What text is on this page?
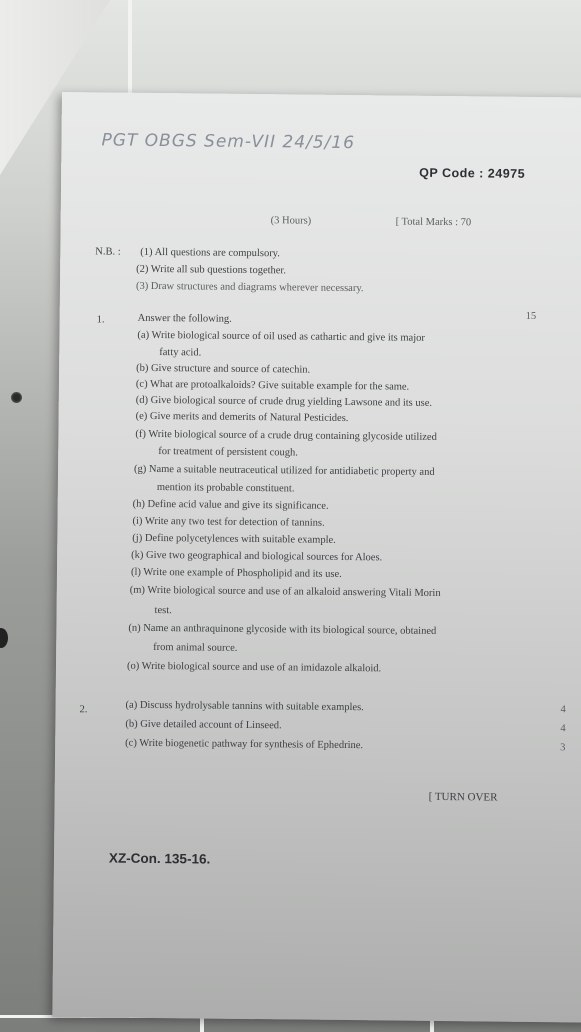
PGT OBGS Sem-VII 24/5/16
QP Code : 24975
(3 Hours)	[ Total Marks : 70
N.B. : (1) All questions are compulsory.
(2) Write all sub questions together.
(3) Draw structures and diagrams wherever necessary.
1.	Answer the following.	15
(a) Write biological source of oil used as cathartic and give its major
fatty acid.
(b) Give structure and source of catechin.
(c) What are protoalkaloids? Give suitable example for the same.
(d) Give biological source of crude drug yielding Lawsone and its use.
(e) Give merits and demerits of Natural Pesticides.
(f) Write biological source of a crude drug containing glycoside utilized
for treatment of persistent cough.
(g) Name a suitable neutraceutical utilized for antidiabetic property and
mention its probable constituent.
(h) Define acid value and give its significance.
(i) Write any two test for detection of tannins.
(j) Define polycetylences with suitable example.
(k) Give two geographical and biological sources for Aloes.
(l) Write one example of Phospholipid and its use.
(m) Write biological source and use of an alkaloid answering Vitali Morin
test.
(n) Name an anthraquinone glycoside with its biological source, obtained
from animal source.
(o) Write biological source and use of an imidazole alkaloid.
2.	(a) Discuss hydrolysable tannins with suitable examples.	4
(b) Give detailed account of Linseed.	4
(c) Write biogenetic pathway for synthesis of Ephedrine.	3
[ TURN OVER
XZ-Con. 135-16.
